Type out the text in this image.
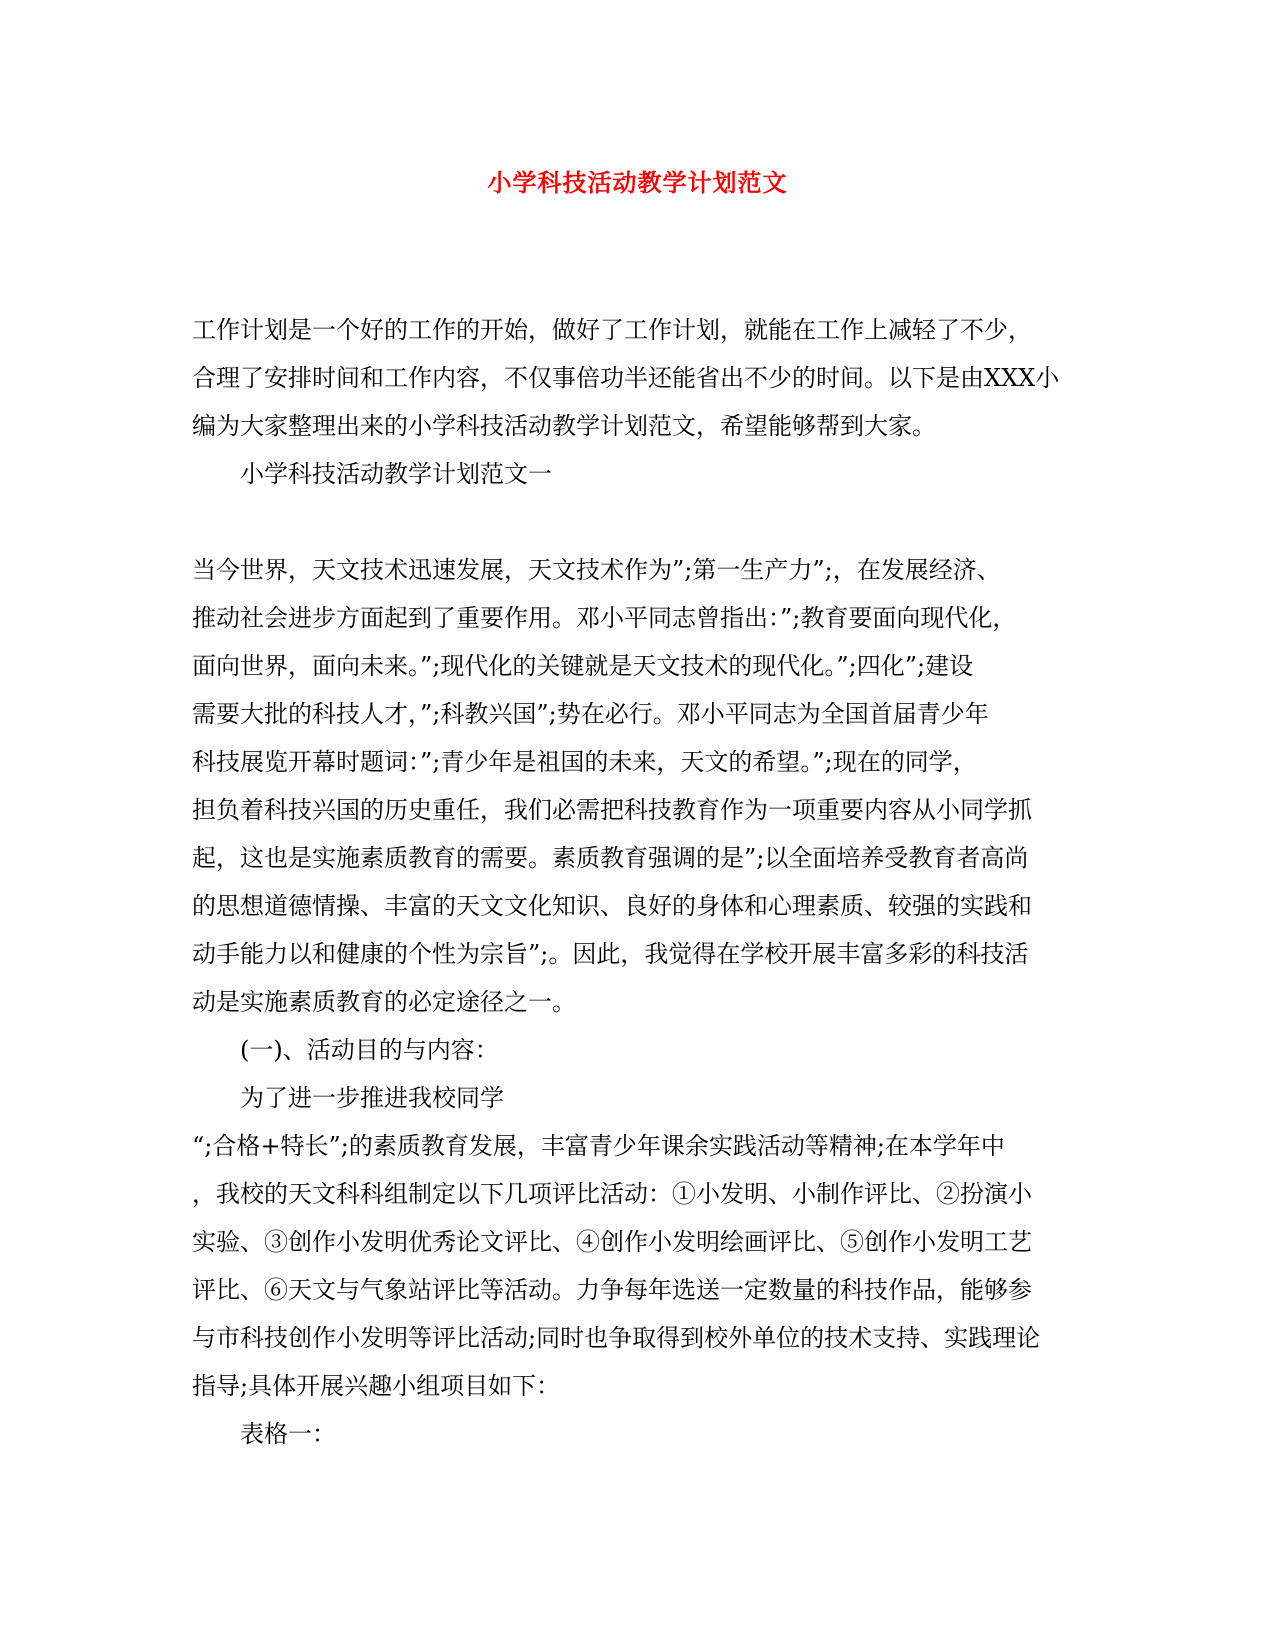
小学科技活动教学计划范文
工作计划是一个好的工作的开始，做好了工作计划，就能在工作上减轻了不少，
合理了安排时间和工作内容，不仅事倍功半还能省出不少的时间。以下是由XXX小
编为大家整理出来的小学科技活动教学计划范文，希望能够帮到大家。
小学科技活动教学计划范文一
当今世界，天文技术迅速发展，天文技术作为”;第一生产力”;，在发展经济、
推动社会进步方面起到了重要作用。邓小平同志曾指出：”;教育要面向现代化，
面向世界，面向未来。”;现代化的关键就是天文技术的现代化。”;四化”;建设
需要大批的科技人才，”;科教兴国”;势在必行。邓小平同志为全国首届青少年
科技展览开幕时题词：”;青少年是祖国的未来，天文的希望。”;现在的同学，
担负着科技兴国的历史重任，我们必需把科技教育作为一项重要内容从小同学抓
起，这也是实施素质教育的需要。素质教育强调的是”;以全面培养受教育者高尚
的思想道德情操、丰富的天文文化知识、良好的身体和心理素质、较强的实践和
动手能力以和健康的个性为宗旨”;。因此，我觉得在学校开展丰富多彩的科技活
动是实施素质教育的必定途径之一。
(一)、活动目的与内容：
为了进一步推进我校同学
“;合格+特长”;的素质教育发展，丰富青少年课余实践活动等精神;在本学年中
，我校的天文科科组制定以下几项评比活动：①小发明、小制作评比、②扮演小
实验、③创作小发明优秀论文评比、④创作小发明绘画评比、⑤创作小发明工艺
评比、⑥天文与气象站评比等活动。力争每年选送一定数量的科技作品，能够参
与市科技创作小发明等评比活动;同时也争取得到校外单位的技术支持、实践理论
指导;具体开展兴趣小组项目如下：
表格一：
